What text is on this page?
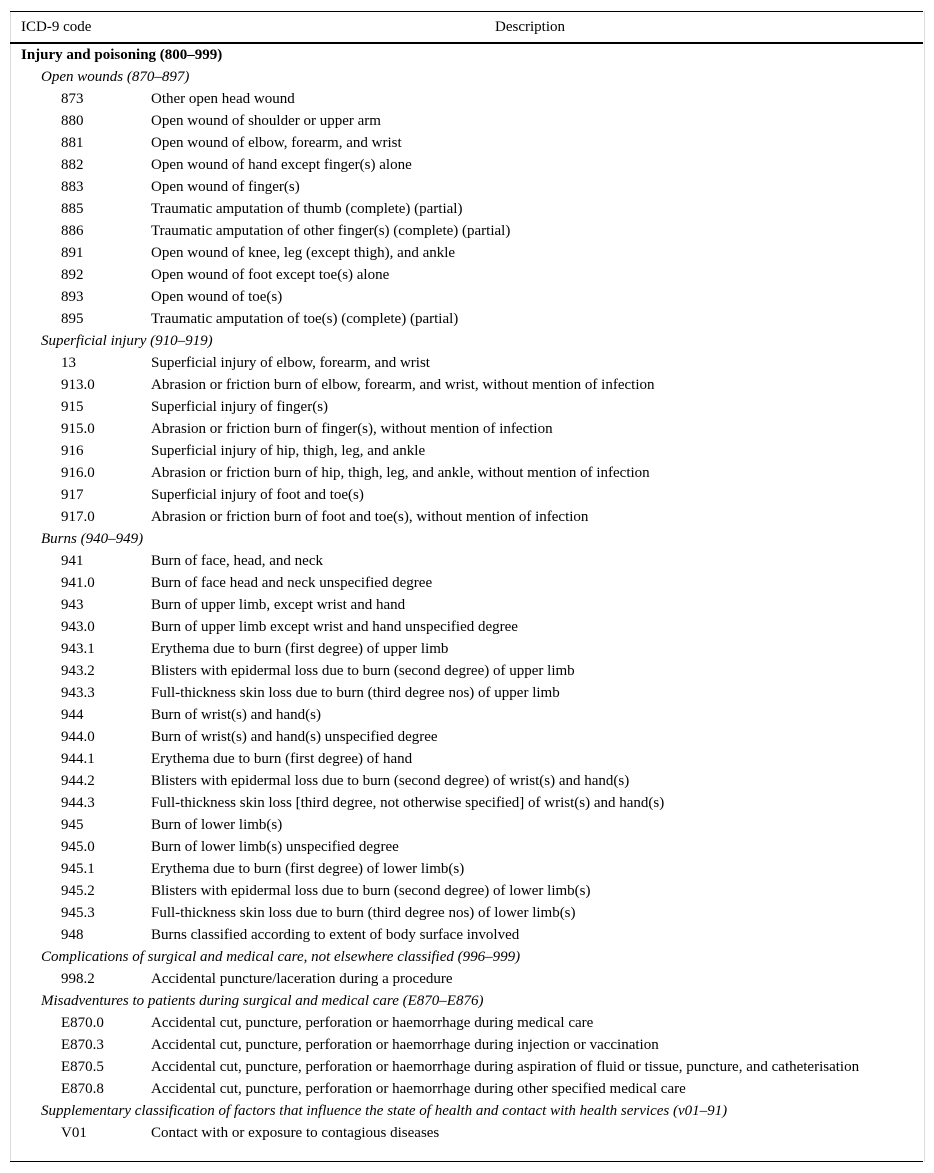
ICD-9 code	Description
Injury and poisoning (800–999)
Open wounds (870–897)
873	Other open head wound
880	Open wound of shoulder or upper arm
881	Open wound of elbow, forearm, and wrist
882	Open wound of hand except finger(s) alone
883	Open wound of finger(s)
885	Traumatic amputation of thumb (complete) (partial)
886	Traumatic amputation of other finger(s) (complete) (partial)
891	Open wound of knee, leg (except thigh), and ankle
892	Open wound of foot except toe(s) alone
893	Open wound of toe(s)
895	Traumatic amputation of toe(s) (complete) (partial)
Superficial injury (910–919)
13	Superficial injury of elbow, forearm, and wrist
913.0	Abrasion or friction burn of elbow, forearm, and wrist, without mention of infection
915	Superficial injury of finger(s)
915.0	Abrasion or friction burn of finger(s), without mention of infection
916	Superficial injury of hip, thigh, leg, and ankle
916.0	Abrasion or friction burn of hip, thigh, leg, and ankle, without mention of infection
917	Superficial injury of foot and toe(s)
917.0	Abrasion or friction burn of foot and toe(s), without mention of infection
Burns (940–949)
941	Burn of face, head, and neck
941.0	Burn of face head and neck unspecified degree
943	Burn of upper limb, except wrist and hand
943.0	Burn of upper limb except wrist and hand unspecified degree
943.1	Erythema due to burn (first degree) of upper limb
943.2	Blisters with epidermal loss due to burn (second degree) of upper limb
943.3	Full-thickness skin loss due to burn (third degree nos) of upper limb
944	Burn of wrist(s) and hand(s)
944.0	Burn of wrist(s) and hand(s) unspecified degree
944.1	Erythema due to burn (first degree) of hand
944.2	Blisters with epidermal loss due to burn (second degree) of wrist(s) and hand(s)
944.3	Full-thickness skin loss [third degree, not otherwise specified] of wrist(s) and hand(s)
945	Burn of lower limb(s)
945.0	Burn of lower limb(s) unspecified degree
945.1	Erythema due to burn (first degree) of lower limb(s)
945.2	Blisters with epidermal loss due to burn (second degree) of lower limb(s)
945.3	Full-thickness skin loss due to burn (third degree nos) of lower limb(s)
948	Burns classified according to extent of body surface involved
Complications of surgical and medical care, not elsewhere classified (996–999)
998.2	Accidental puncture/laceration during a procedure
Misadventures to patients during surgical and medical care (E870–E876)
E870.0	Accidental cut, puncture, perforation or haemorrhage during medical care
E870.3	Accidental cut, puncture, perforation or haemorrhage during injection or vaccination
E870.5	Accidental cut, puncture, perforation or haemorrhage during aspiration of fluid or tissue, puncture, and catheterisation
E870.8	Accidental cut, puncture, perforation or haemorrhage during other specified medical care
Supplementary classification of factors that influence the state of health and contact with health services (v01–91)
V01	Contact with or exposure to contagious diseases
